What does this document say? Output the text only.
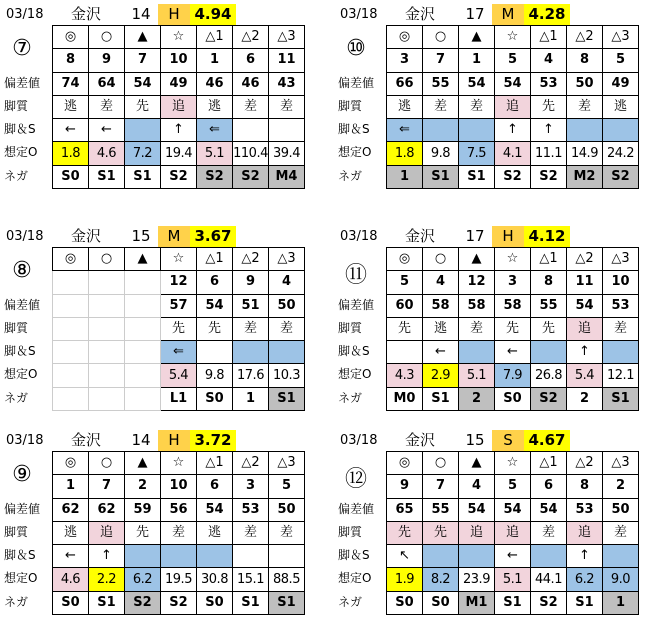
03/18	金沢	14	H 4.94
⑦
偏差値
脚質
脚＆S
想定O
ネガ
◎	○	▲	☆	△1	△2	△3
8	9	7	10	1	6	11
74	64	54	49	46	46	43
逃	差	先	追	逃	差	差
←	←		↑	⇐		
1.8	4.6	7.2	19.4	5.1	110.4	39.4
S0	S1	S1	S2	S2	S2	M4
03/18	金沢	17	M 4.28
⑩
偏差値
脚質
脚＆S
想定O
ネガ
◎	○	▲	☆	△1	△2	△3
3	7	1	5	4	8	5
66	55	54	54	53	50	49
逃	差	差	追	先	差	逃
⇐			↑	↑		
1.8	9.8	7.5	4.1	11.1	14.9	24.2
1	S1	S1	S2	S2	M2	S2
03/18	金沢	15	M 3.67
⑧
偏差値
脚質
脚＆S
想定O
ネガ
◎	○	▲	☆	△1	△2	△3
			12	6	9	4
			57	54	51	50
			先	先	差	差
			⇐			
			5.4	9.8	17.6	10.3
			L1	S0	1	S1
03/18	金沢	17	H 4.12
⑪
偏差値
脚質
脚＆S
想定O
ネガ
◎	○	▲	☆	△1	△2	△3
5	4	12	3	8	11	10
60	58	58	58	55	54	53
先	逃	差	先	先	追	差
	←		←		↑	
4.3	2.9	5.1	7.9	26.8	5.4	12.1
M0	S1	2	S0	S2	2	S1
03/18	金沢	14	H 3.72
⑨
偏差値
脚質
脚＆S
想定O
ネガ
◎	○	▲	☆	△1	△2	△3
1	7	2	10	6	3	5
62	62	59	56	54	53	50
逃	追	先	差	逃	差	差
←	↑					
4.6	2.2	6.2	19.5	30.8	15.1	88.5
S0	S1	S2	S2	S0	S1	S1
03/18	金沢	15	S	4.67
⑫
偏差値
脚質
脚＆S
想定O
ネガ
◎	○	▲	☆	△1	△2	△3
9	7	4	5	6	8	2
65	55	54	54	54	53	50
先	先	追	追	差	追	差
↖			←		↑	
1.9	8.2	23.9	5.1	44.1	6.2	9.0
S0	S0	M1	S1	S2	S1	1
